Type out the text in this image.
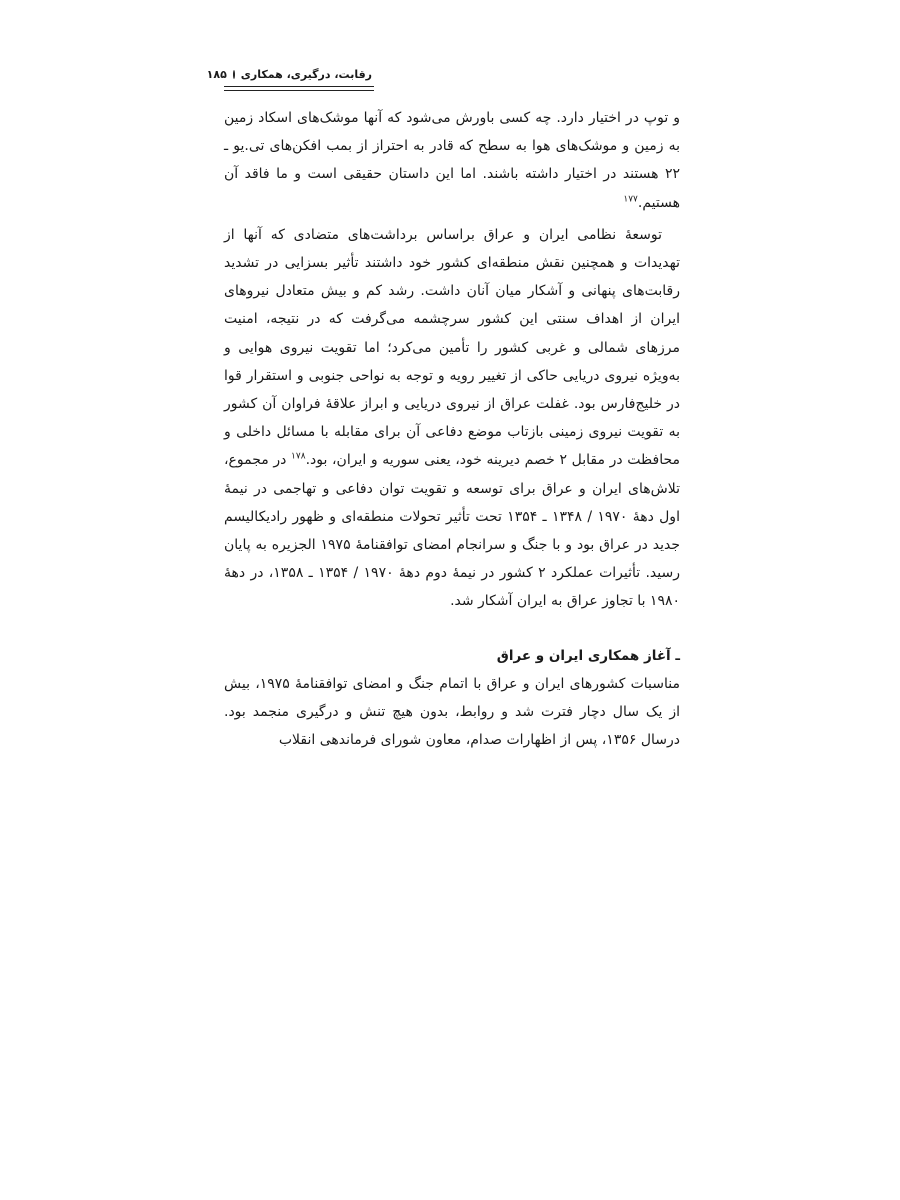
رقابت، درگیری، همکاری
۱۸۵

و توپ در اختیار دارد. چه کسی باورش می‌شود که آنها موشک‌های اسکاد زمین به زمین و موشک‌های هوا به سطح که قادر به احتراز از بمب افکن‌های تی.یو ـ ۲۲ هستند در اختیار داشته باشند. اما این داستان حقیقی است و ما فاقد آن هستیم.$^{۱۷۷}$

توسعهٔ نظامی ایران و عراق براساس برداشت‌های متضادی که آنها از تهدیدات و همچنین نقش منطقه‌ای کشور خود داشتند تأثیر بسزایی در تشدید رقابت‌های پنهانی و آشکار میان آنان داشت. رشد کم و بیش متعادل نیروهای ایران از اهداف سنتی این کشور سرچشمه می‌گرفت که در نتیجه، امنیت مرزهای شمالی و غربی کشور را تأمین می‌کرد؛ اما تقویت نیروی هوایی و به‌ویژه نیروی دریایی حاکی از تغییر رویه و توجه به نواحی جنوبی و استقرار قوا در خلیج‌فارس بود. غفلت عراق از نیروی دریایی و ابراز علاقهٔ فراوان آن کشور به تقویت نیروی زمینی بازتاب موضع دفاعی آن برای مقابله با مسائل داخلی و محافظت در مقابل ۲ خصم دیرینه خود، یعنی سوریه و ایران، بود.$^{۱۷۸}$ در مجموع، تلاش‌های ایران و عراق برای توسعه و تقویت توان دفاعی و تهاجمی در نیمهٔ اول دههٔ ۱۹۷۰ / ۱۳۴۸ ـ ۱۳۵۴ تحت تأثیر تحولات منطقه‌ای و ظهور رادیکالیسم جدید در عراق بود و با جنگ و سرانجام امضای توافقنامهٔ ۱۹۷۵ الجزیره به پایان رسید. تأثیرات عملکرد ۲ کشور در نیمهٔ دوم دههٔ ۱۹۷۰ / ۱۳۵۴ ـ ۱۳۵۸، در دههٔ ۱۹۸۰ با تجاوز عراق به ایران آشکار شد.

ـ آغاز همکاری ایران و عراق

مناسبات کشورهای ایران و عراق با اتمام جنگ و امضای توافقنامهٔ ۱۹۷۵، بیش از یک سال دچار فترت شد و روابط، بدون هیچ تنش و درگیری منجمد بود. درسال ۱۳۵۶، پس از اظهارات صدام، معاون شورای فرماندهی انقلاب
